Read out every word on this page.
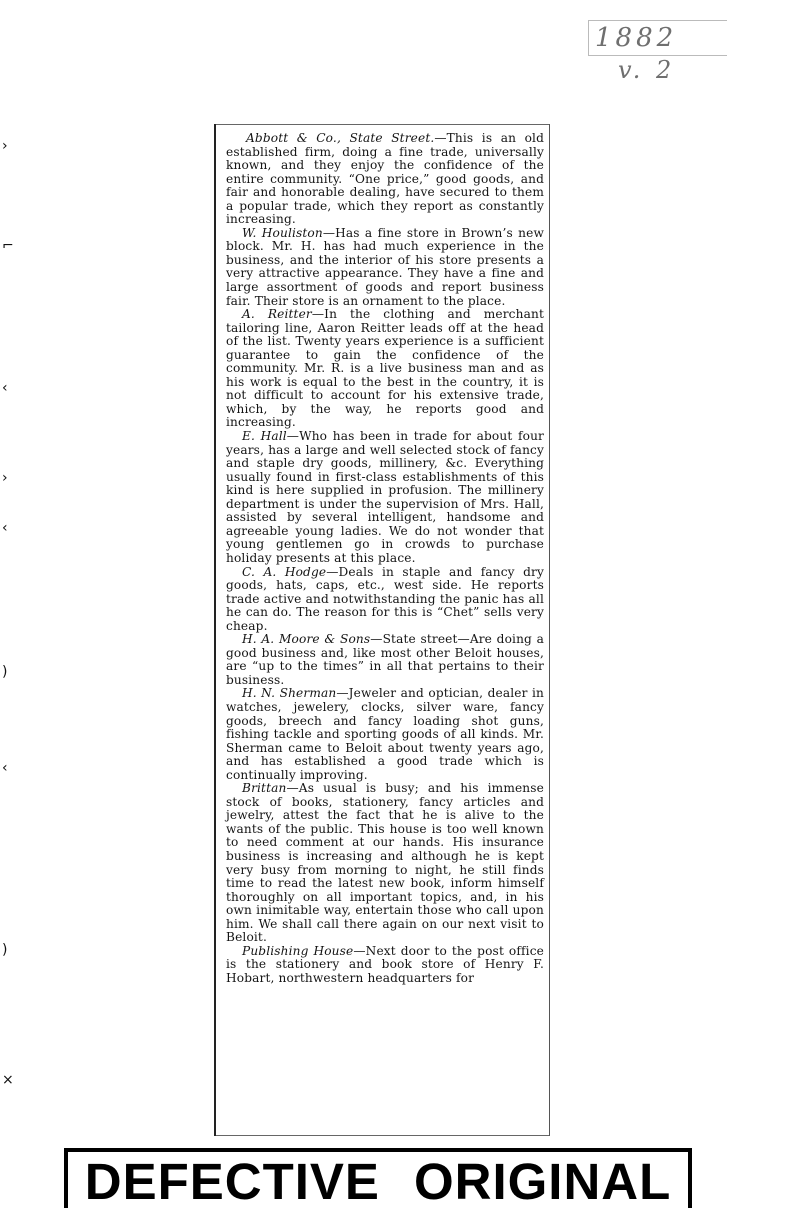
1882
v. 2
›
⌐
‹
›
‹
)
‹
)
×

Abbott & Co., State Street.—This is an old established firm, doing a fine trade, universally known, and they enjoy the confidence of the entire community. “One price,” good goods, and fair and honorable dealing, have secured to them a popular trade, which they report as constantly increasing.

W. Houliston—Has a fine store in Brown’s new block. Mr. H. has had much experience in the business, and the interior of his store presents a very attractive appearance. They have a fine and large assortment of goods and report business fair. Their store is an ornament to the place.

A. Reitter—In the clothing and merchant tailoring line, Aaron Reitter leads off at the head of the list. Twenty years experience is a sufficient guarantee to gain the confidence of the community. Mr. R. is a live business man and as his work is equal to the best in the country, it is not difficult to account for his extensive trade, which, by the way, he reports good and increasing.

E. Hall—Who has been in trade for about four years, has a large and well selected stock of fancy and staple dry goods, millinery, &c. Everything usually found in first-class establishments of this kind is here supplied in profusion. The millinery department is under the supervision of Mrs. Hall, assisted by several intelligent, handsome and agreeable young ladies. We do not wonder that young gentlemen go in crowds to purchase holiday presents at this place.

C. A. Hodge—Deals in staple and fancy dry goods, hats, caps, etc., west side. He reports trade active and notwithstanding the panic has all he can do. The reason for this is “Chet” sells very cheap.

H. A. Moore & Sons—State street—Are doing a good business and, like most other Beloit houses, are “up to the times” in all that pertains to their business.

H. N. Sherman—Jeweler and optician, dealer in watches, jewelery, clocks, silver ware, fancy goods, breech and fancy loading shot guns, fishing tackle and sporting goods of all kinds. Mr. Sherman came to Beloit about twenty years ago, and has established a good trade which is continually improving.

Brittan—As usual is busy; and his immense stock of books, stationery, fancy articles and jewelry, attest the fact that he is alive to the wants of the public. This house is too well known to need comment at our hands. His insurance business is increasing and although he is kept very busy from morning to night, he still finds time to read the latest new book, inform himself thoroughly on all important topics, and, in his own inimitable way, entertain those who call upon him. We shall call there again on our next visit to Beloit.

Publishing House—Next door to the post office is the stationery and book store of Henry F. Hobart, northwestern headquarters for

DEFECTIVE ORIGINAL
